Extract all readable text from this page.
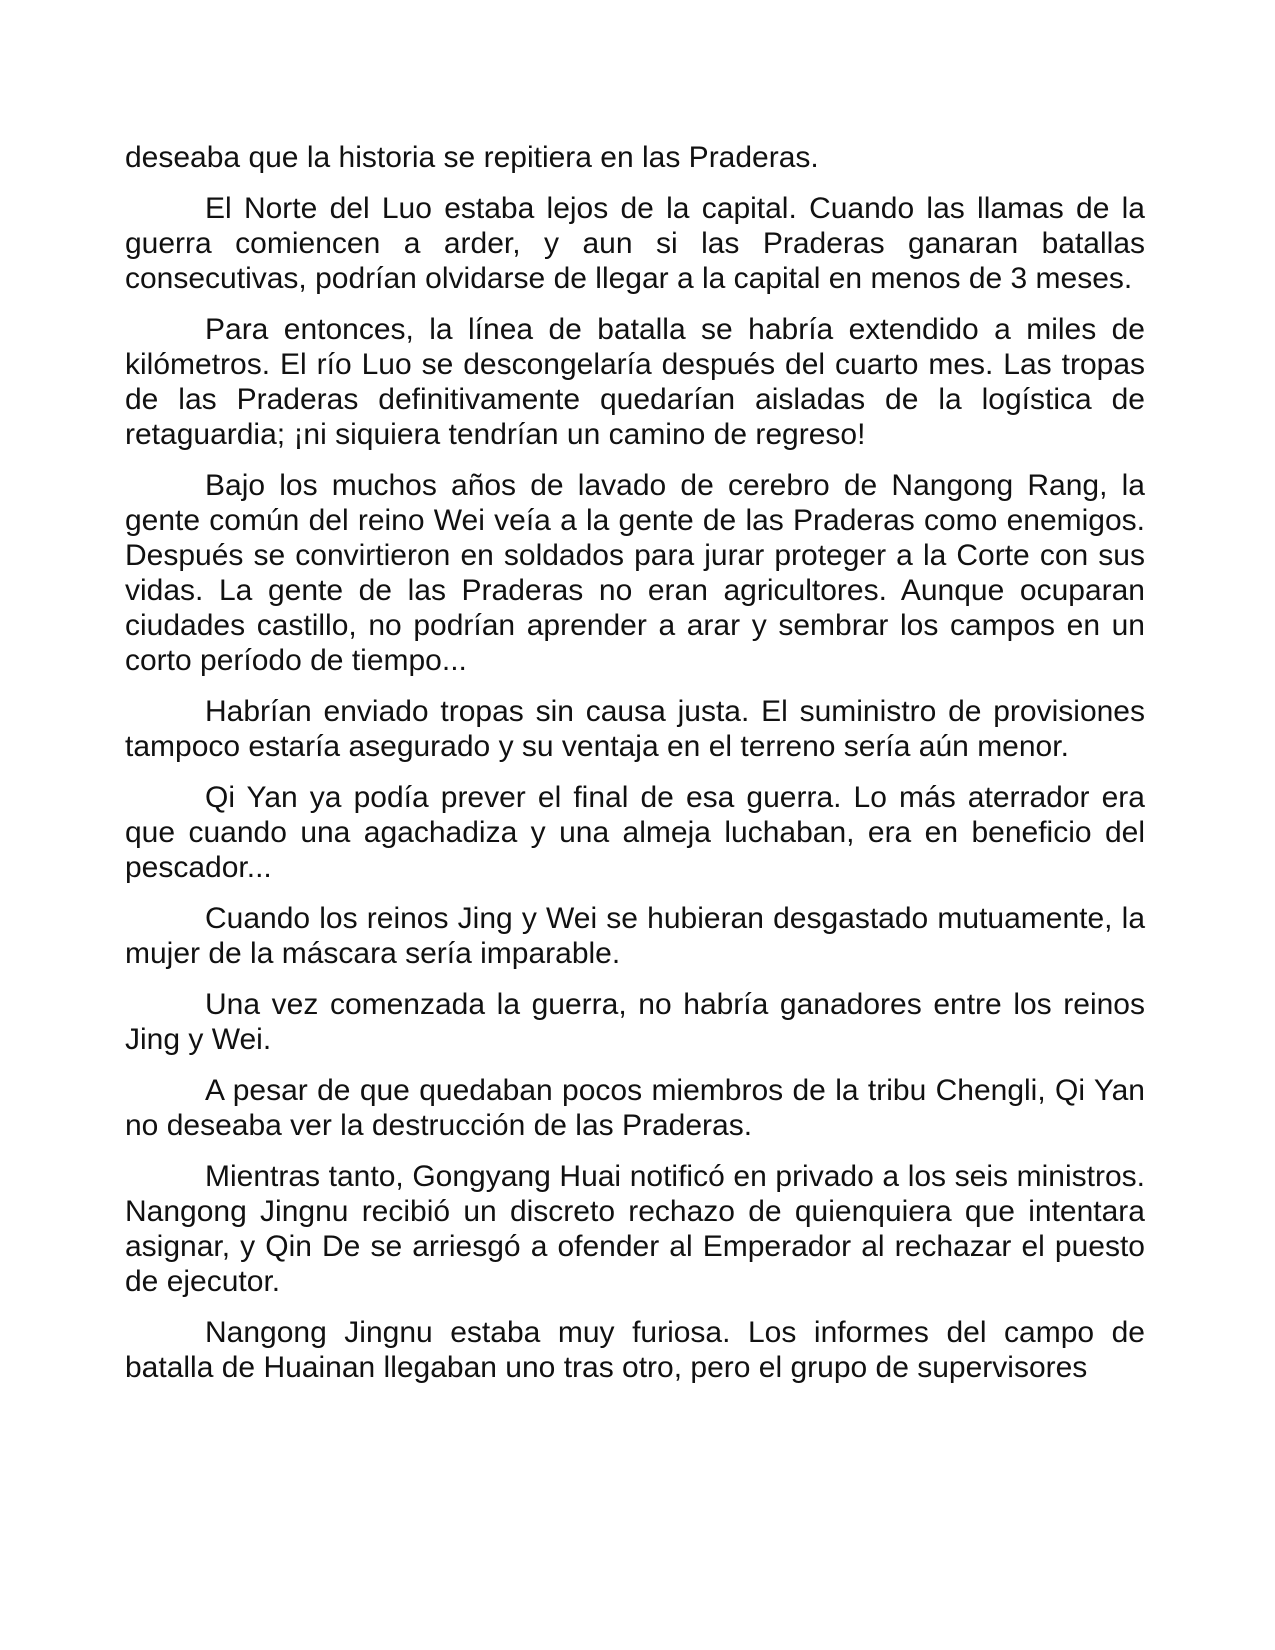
deseaba que la historia se repitiera en las Praderas.

El Norte del Luo estaba lejos de la capital. Cuando las llamas de la guerra comiencen a arder, y aun si las Praderas ganaran batallas consecutivas, podrían olvidarse de llegar a la capital en menos de 3 meses.

Para entonces, la línea de batalla se habría extendido a miles de kilómetros. El río Luo se descongelaría después del cuarto mes. Las tropas de las Praderas definitivamente quedarían aisladas de la logística de retaguardia; ¡ni siquiera tendrían un camino de regreso!

Bajo los muchos años de lavado de cerebro de Nangong Rang, la gente común del reino Wei veía a la gente de las Praderas como enemigos. Después se convirtieron en soldados para jurar proteger a la Corte con sus vidas. La gente de las Praderas no eran agricultores. Aunque ocuparan ciudades castillo, no podrían aprender a arar y sembrar los campos en un corto período de tiempo...

Habrían enviado tropas sin causa justa. El suministro de provisiones tampoco estaría asegurado y su ventaja en el terreno sería aún menor.

Qi Yan ya podía prever el final de esa guerra. Lo más aterrador era que cuando una agachadiza y una almeja luchaban, era en beneficio del pescador...

Cuando los reinos Jing y Wei se hubieran desgastado mutuamente, la mujer de la máscara sería imparable.

Una vez comenzada la guerra, no habría ganadores entre los reinos Jing y Wei.

A pesar de que quedaban pocos miembros de la tribu Chengli, Qi Yan no deseaba ver la destrucción de las Praderas.

Mientras tanto, Gongyang Huai notificó en privado a los seis ministros. Nangong Jingnu recibió un discreto rechazo de quienquiera que intentara asignar, y Qin De se arriesgó a ofender al Emperador al rechazar el puesto de ejecutor.

Nangong Jingnu estaba muy furiosa. Los informes del campo de batalla de Huainan llegaban uno tras otro, pero el grupo de supervisores
